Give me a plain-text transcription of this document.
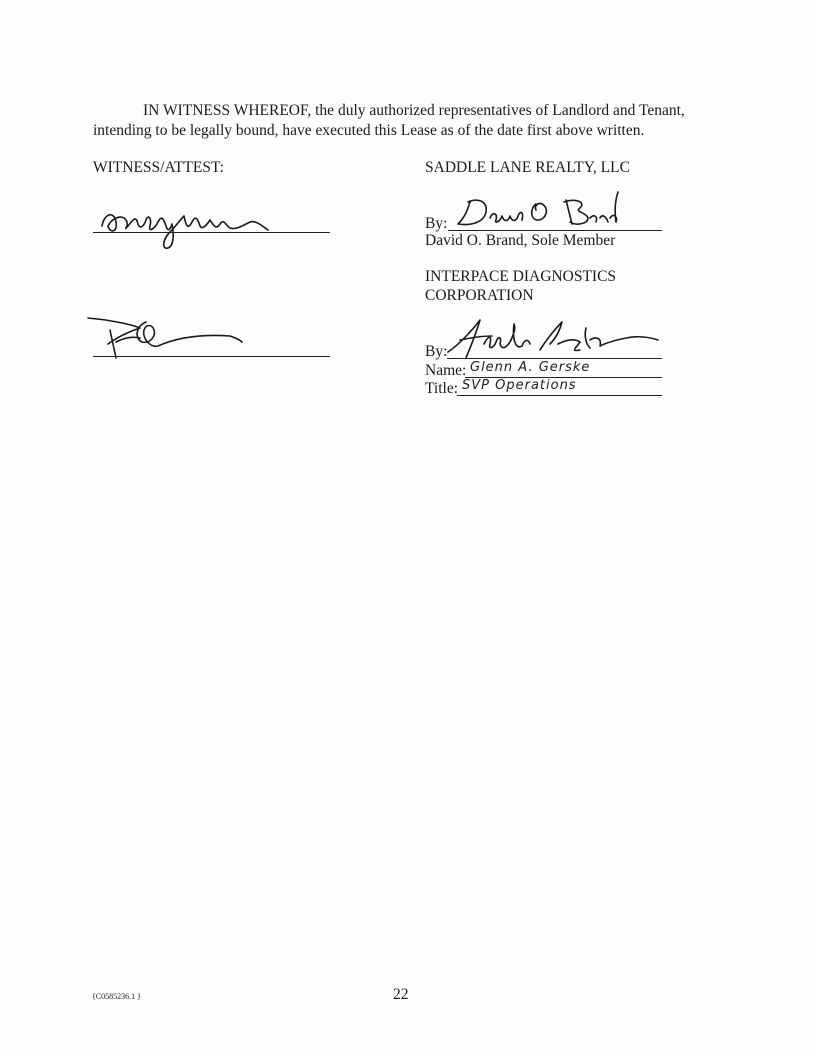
IN WITNESS WHEREOF, the duly authorized representatives of Landlord and Tenant,
intending to be legally bound, have executed this Lease as of the date first above written.
WITNESS/ATTEST:	SADDLE LANE REALTY, LLC
By:
David O. Brand, Sole Member
INTERPACE DIAGNOSTICS
CORPORATION
By:
Name: Glenn A. Gerske
Title: SVP Operations
{C0585236.1 }	22
